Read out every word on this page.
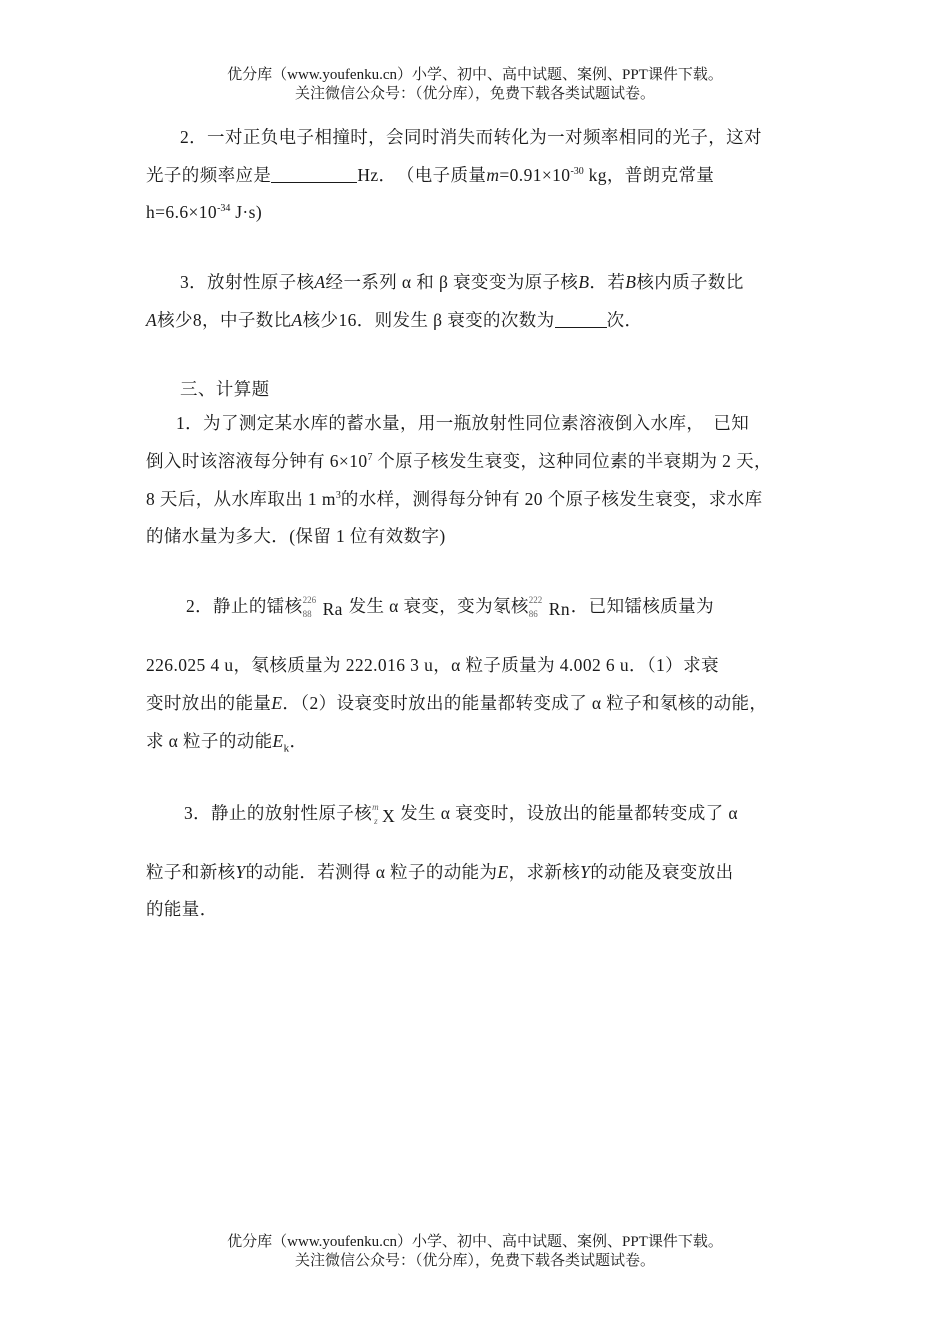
优分库（www.youfenku.cn）小学、初中、高中试题、案例、PPT课件下载。
关注微信公众号：（优分库），免费下载各类试题试卷。
2．一对正负电子相撞时，会同时消失而转化为一对频率相同的光子，这对
光子的频率应是	Hz．　（电子质量$m=0.91\times 10^{-30}$ kg，普朗克常量
$h=6.6\times 10^{-34}$ J·s)
3．放射性原子核A经一系列 α 和 β 衰变变为原子核B．若B核内质子数比
A核少8，中子数比A核少16．则发生 β 衰变的次数为	次．
三、计算题
1．为了测定某水库的蓄水量，用一瓶放射性同位素溶液倒入水库，　已知
倒入时该溶液每分钟有 $6\times 10^7$ 个原子核发生衰变，这种同位素的半衰期为 2 天，
8 天后，从水库取出 1 $m^3$的水样，测得每分钟有 20 个原子核发生衰变，求水库
的储水量为多大．(保留 1 位有效数字)
2．静止的镭核 226
88 Ra 发生 α 衰变，变为氡核 222
86 Rn ．已知镭核质量为
226.025 4 u，氡核质量为 222.016 3 u，α 粒子质量为 4.002 6 u．（1）求衰
变时放出的能量E．（2）设衰变时放出的能量都转变成了 α 粒子和氡核的动能，
求 α 粒子的动能$E_k$．
3．静止的放射性原子核 m
z X 发生 α 衰变时，设放出的能量都转变成了 α
粒子和新核Y的动能．若测得 α 粒子的动能为E，求新核Y的动能及衰变放出
的能量．
优分库（www.youfenku.cn）小学、初中、高中试题、案例、PPT课件下载。
关注微信公众号：（优分库），免费下载各类试题试卷。
